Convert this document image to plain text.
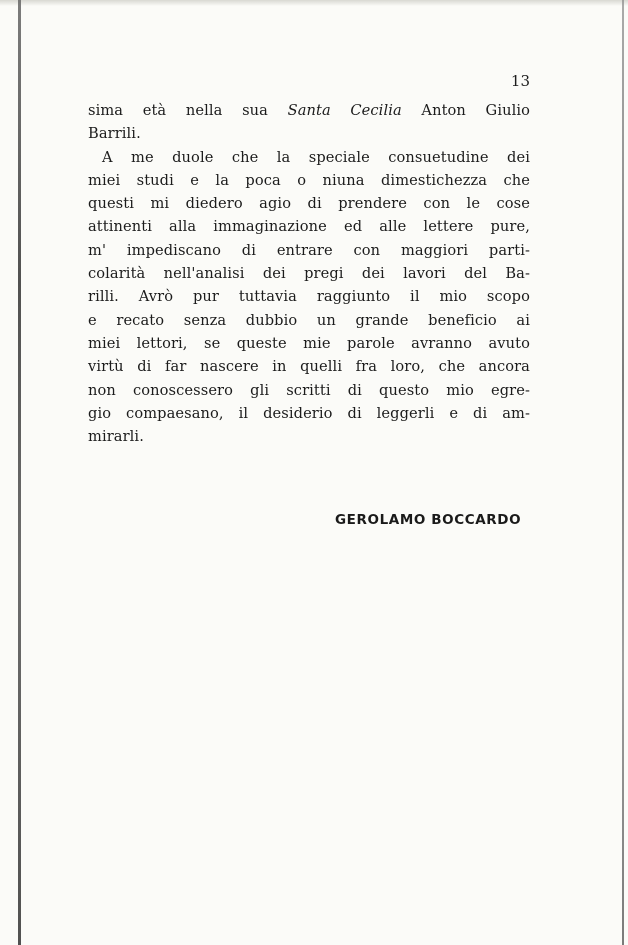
13
sima età nella sua Santa Cecilia Anton Giulio
Barrili.
A me duole che la speciale consuetudine dei
miei studi e la poca o niuna dimestichezza che
questi mi diedero agio di prendere con le cose
attinenti alla immaginazione ed alle lettere pure,
m' impediscano di entrare con maggiori parti-
colarità nell'analisi dei pregi dei lavori del Ba-
rilli. Avrò pur tuttavia raggiunto il mio scopo
e recato senza dubbio un grande beneficio ai
miei lettori, se queste mie parole avranno avuto
virtù di far nascere in quelli fra loro, che ancora
non conoscessero gli scritti di questo mio egre-
gio compaesano, il desiderio di leggerli e di am-
mirarli.
GEROLAMO BOCCARDO
